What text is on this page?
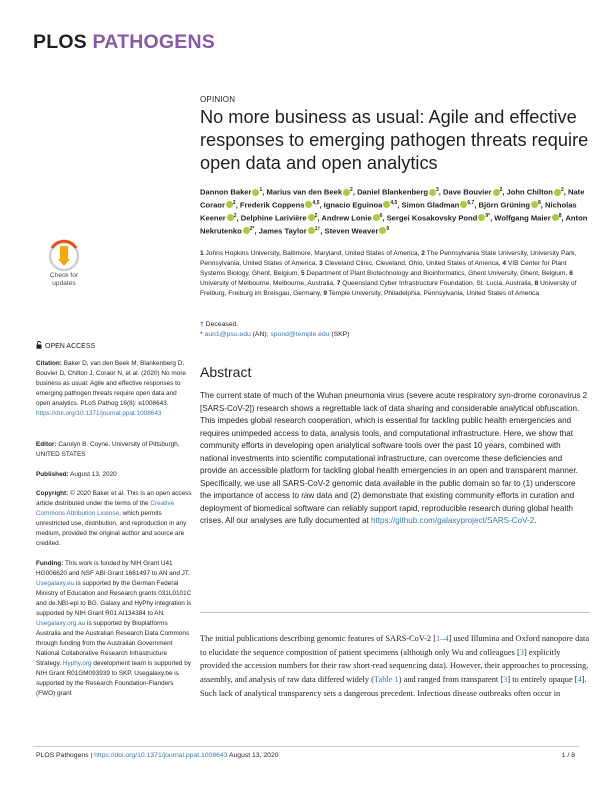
PLOS PATHOGENS
Check for
updates
OPEN ACCESS
Citation: Baker D, van den Beek M, Blankenberg D, Bouvier D, Chilton J, Coraor N, et al. (2020) No more business as usual: Agile and effective responses to emerging pathogen threats require open data and open analytics. PLoS Pathog 16(8): e1008643. https://doi.org/10.1371/journal.ppat.1008643
Editor: Carolyn B. Coyne, University of Pittsburgh, UNITED STATES
Published: August 13, 2020
Copyright: © 2020 Baker et al. This is an open access article distributed under the terms of the Creative Commons Attribution License, which permits unrestricted use, distribution, and reproduction in any medium, provided the original author and source are credited.
Funding: This work is funded by NIH Grant U41 HG006620 and NSF ABI Grant 1661497 to AN and JT. Usegalaxy.eu is supported by the German Federal Ministry of Education and Research grants 031L0101C and de.NBI-epi to BG. Galaxy and HyPhy integration is supported by NIH Grant R01 AI134384 to AN. Usegalaxy.org.au is supported by Bioplatforms Australia and the Australian Research Data Commons through funding from the Australian Government National Collaborative Research Infrastructure Strategy. Hyphy.org development team is supported by NIH Grant R01GM093939 to SKP. Usegalaxy.be is supported by the Research Foundation-Flanders (FWO) grant
OPINION
No more business as usual: Agile and effective responses to emerging pathogen threats require open data and open analytics
Dannon Baker $^1$, Marius van den Beek $^2$, Daniel Blankenberg $^3$, Dave Bouvier $^2$, John Chilton $^2$, Nate Coraor $^2$, Frederik Coppens $^{4,5}$, Ignacio Eguinoa $^{4,5}$, Simon Gladman $^{6,7}$, Björn Grüning $^8$, Nicholas Keener $^2$, Delphine Larivière $^2$, Andrew Lonie $^6$, Sergei Kosakovsky Pond $^{9*}$, Wolfgang Maier $^8$, Anton Nekrutenko $^{2*}$, James Taylor $^{1\dagger}$, Steven Weaver $^9$
1 Johns Hopkins University, Baltimore, Maryland, United States of America, 2 The Pennsylvania State University, University Park, Pennsylvania, United States of America, 3 Cleveland Clinic, Cleveland, Ohio, United States of America, 4 VIB Center for Plant Systems Biology, Ghent, Belgium, 5 Department of Plant Biotechnology and Bioinformatics, Ghent University, Ghent, Belgium, 6 University of Melbourne, Melbourne, Australia, 7 Queensland Cyber Infrastructure Foundation, St. Lucia, Australia, 8 University of Freiburg, Freiburg im Breisgau, Germany, 9 Temple University, Philadelphia, Pennsylvania, United States of America
† Deceased.
* aun1@psu.edu (AN); spond@temple.edu (SKP)
Abstract
The current state of much of the Wuhan pneumonia virus (severe acute respiratory syn-drome coronavirus 2 [SARS-CoV-2]) research shows a regrettable lack of data sharing and considerable analytical obfuscation. This impedes global research cooperation, which is essential for tackling public health emergencies and requires unimpeded access to data, analysis tools, and computational infrastructure. Here, we show that community efforts in developing open analytical software tools over the past 10 years, combined with national investments into scientific computational infrastructure, can overcome these deficiencies and provide an accessible platform for tackling global health emergencies in an open and transparent manner. Specifically, we use all SARS-CoV-2 genomic data available in the public domain so far to (1) underscore the importance of access to raw data and (2) demonstrate that existing community efforts in curation and deployment of biomedical software can reliably support rapid, reproducible research during global health crises. All our analyses are fully documented at https://github.com/galaxyproject/SARS-CoV-2.
The initial publications describing genomic features of SARS-CoV-2 [1–4] used Illumina and Oxford nanopore data to elucidate the sequence composition of patient specimens (although only Wu and colleagues [3] explicitly provided the accession numbers for their raw short-read sequencing data). However, their approaches to processing, assembly, and analysis of raw data differed widely (Table 1) and ranged from transparent [3] to entirely opaque [4]. Such lack of analytical transparency sets a dangerous precedent. Infectious disease outbreaks often occur in
PLOS Pathogens | https://doi.org/10.1371/journal.ppat.1008643 August 13, 2020	1 / 8
